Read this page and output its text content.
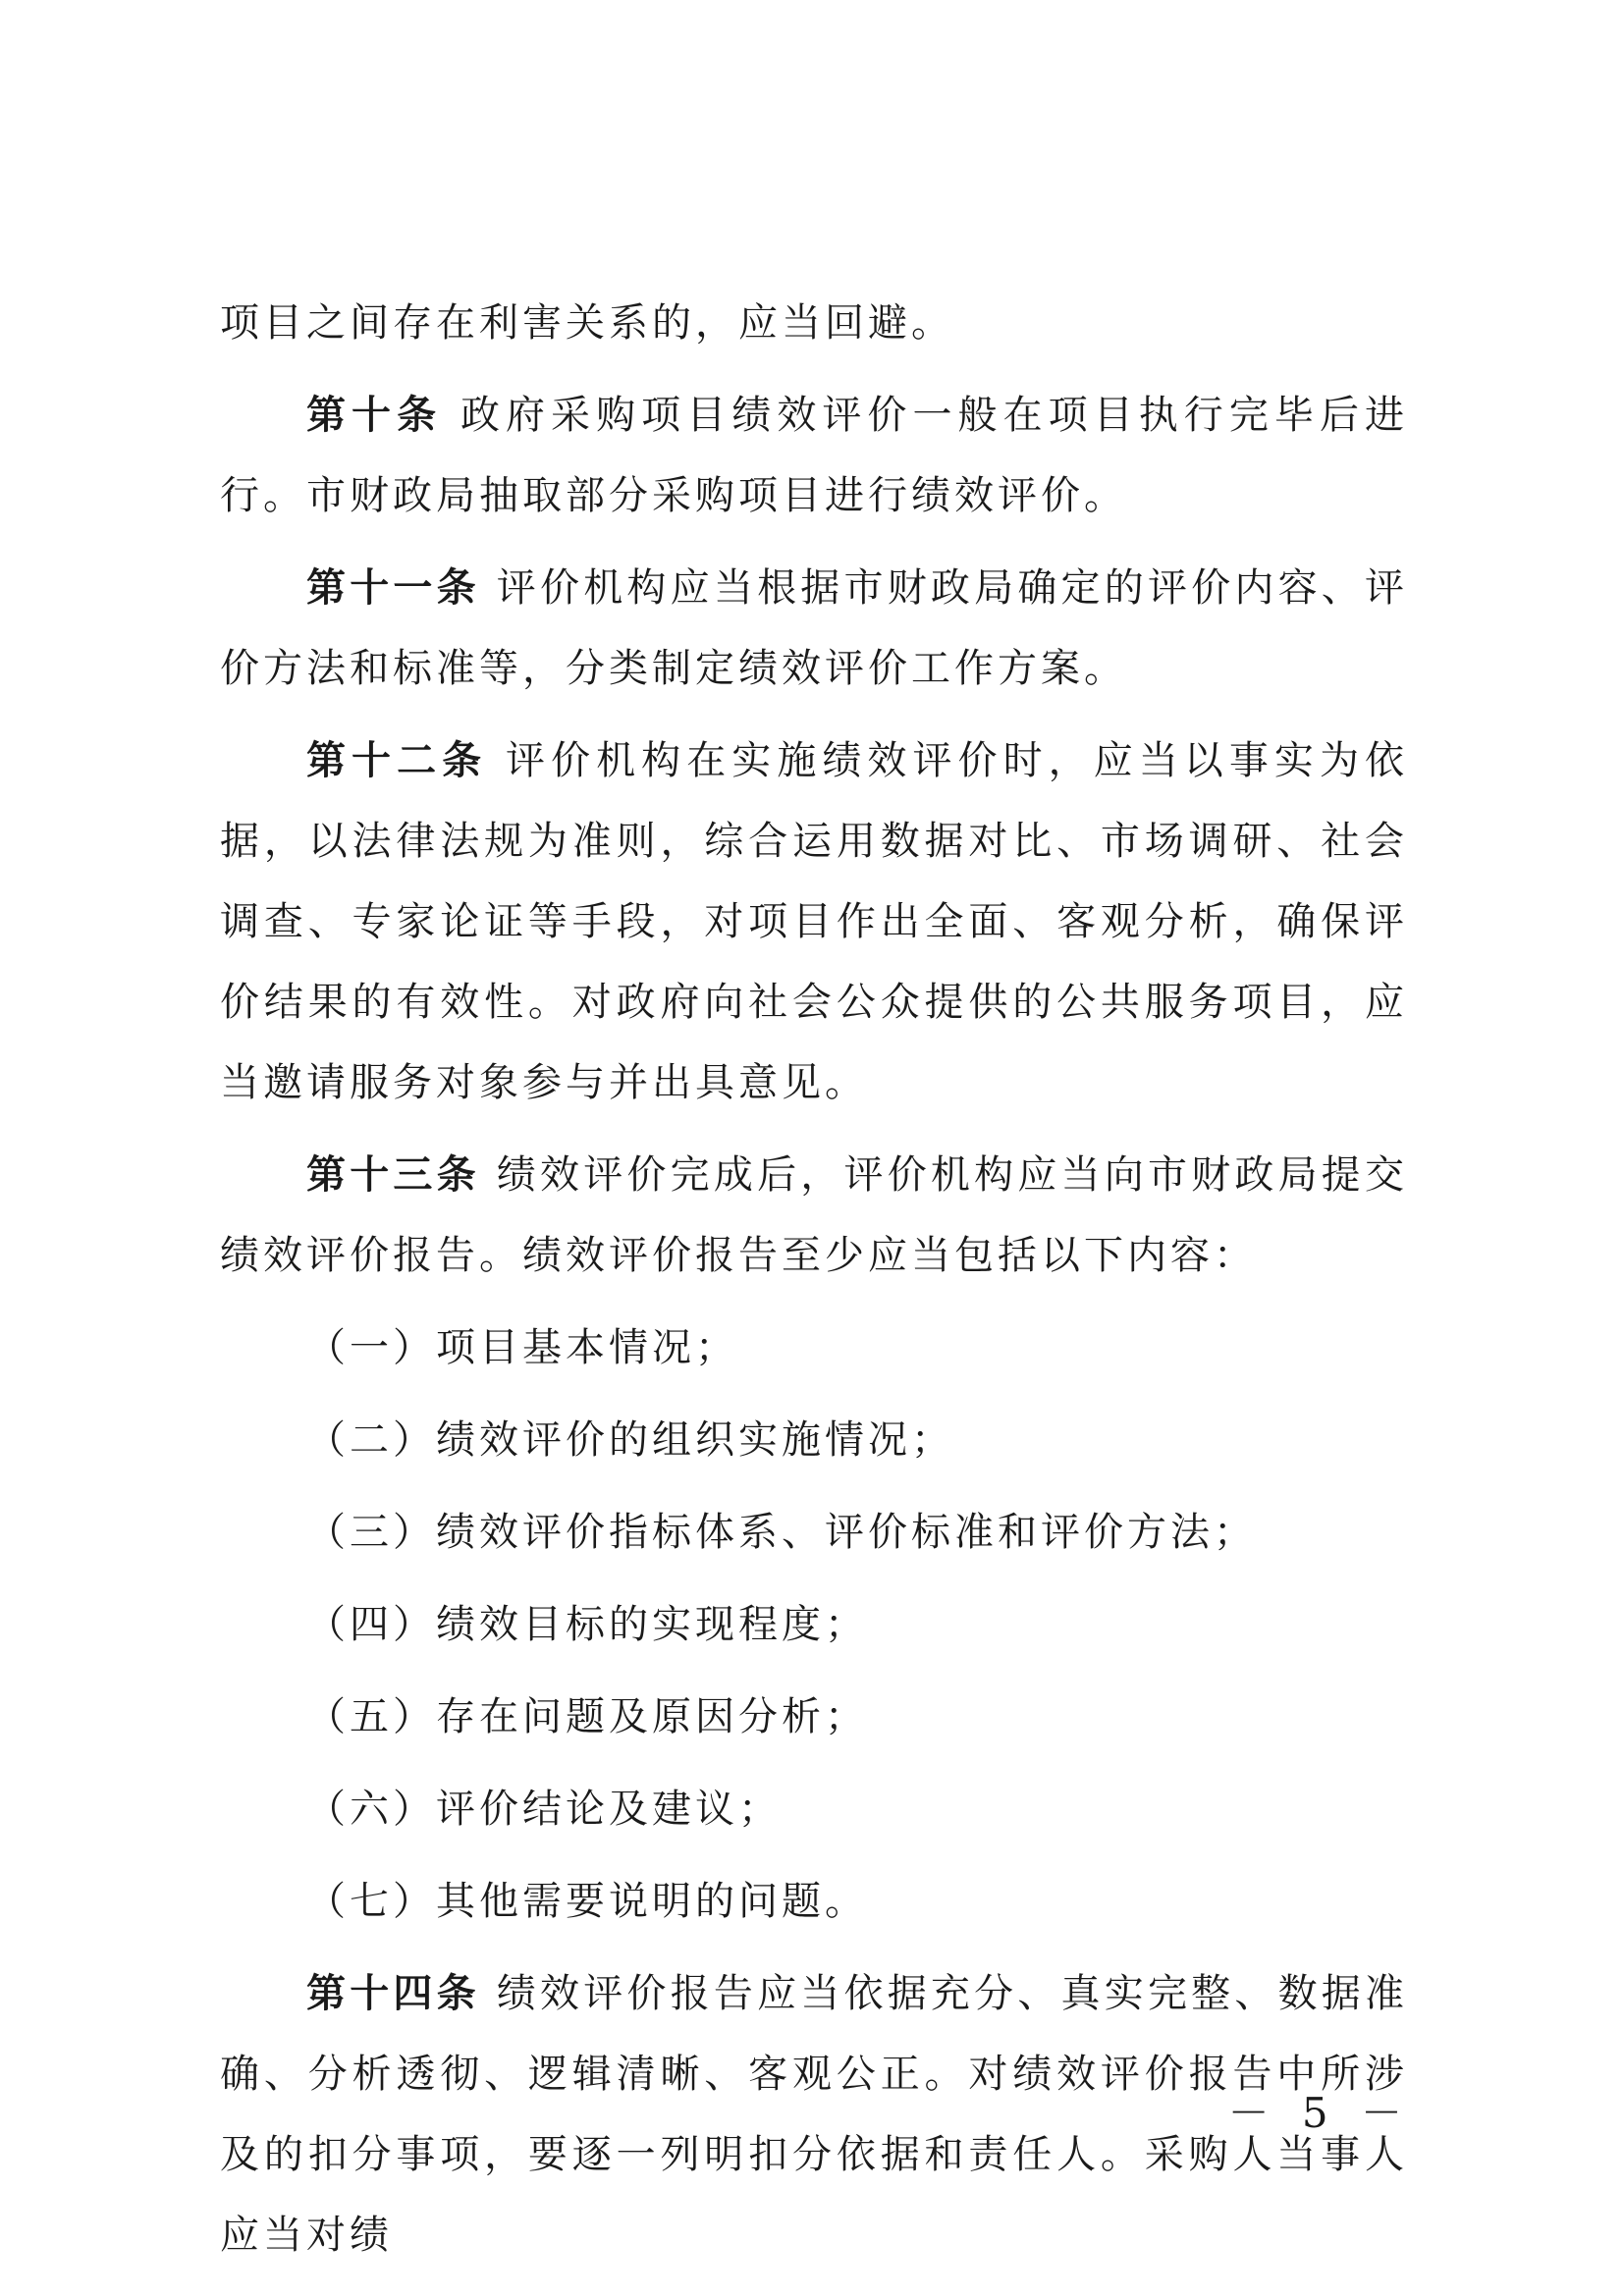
项目之间存在利害关系的，应当回避。

第十条 政府采购项目绩效评价一般在项目执行完毕后进行。市财政局抽取部分采购项目进行绩效评价。

第十一条 评价机构应当根据市财政局确定的评价内容、评价方法和标准等，分类制定绩效评价工作方案。

第十二条 评价机构在实施绩效评价时，应当以事实为依据，以法律法规为准则，综合运用数据对比、市场调研、社会调查、专家论证等手段，对项目作出全面、客观分析，确保评价结果的有效性。对政府向社会公众提供的公共服务项目，应当邀请服务对象参与并出具意见。

第十三条 绩效评价完成后，评价机构应当向市财政局提交绩效评价报告。绩效评价报告至少应当包括以下内容：

（一）项目基本情况；
（二）绩效评价的组织实施情况；
（三）绩效评价指标体系、评价标准和评价方法；
（四）绩效目标的实现程度；
（五）存在问题及原因分析；
（六）评价结论及建议；
（七）其他需要说明的问题。

第十四条 绩效评价报告应当依据充分、真实完整、数据准确、分析透彻、逻辑清晰、客观公正。对绩效评价报告中所涉及的扣分事项，要逐一列明扣分依据和责任人。采购人当事人应当对绩

－ 5 －
